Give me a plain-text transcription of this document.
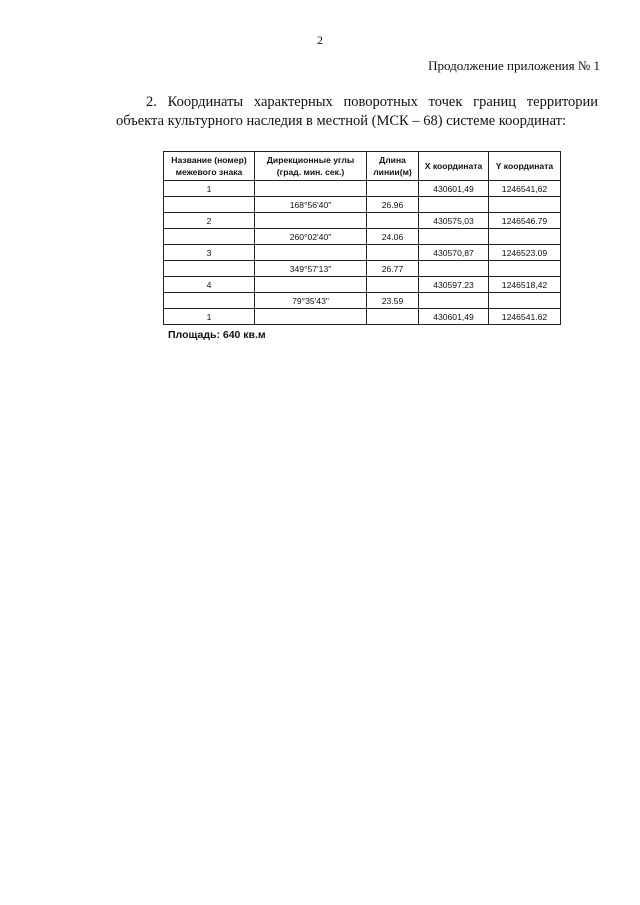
2
Продолжение приложения № 1

2. Координаты характерных поворотных точек границ территории объекта культурного наследия в местной (МСК – 68) системе координат:

Название (номер) межевого знака	Дирекционные углы (град. мин. сек.)	Длина линии(м)	X координата	Y координата
1			430601,49	1246541,62
	168°56'40"	26.96		
2			430575,03	1246546.79
	260°02'40"	24.06		
3			430570,87	1246523.09
	349°57'13"	26.77		
4			430597.23	1246518,42
	79°35'43"	23.59		
1			430601,49	1246541.62
Площадь: 640 кв.м
